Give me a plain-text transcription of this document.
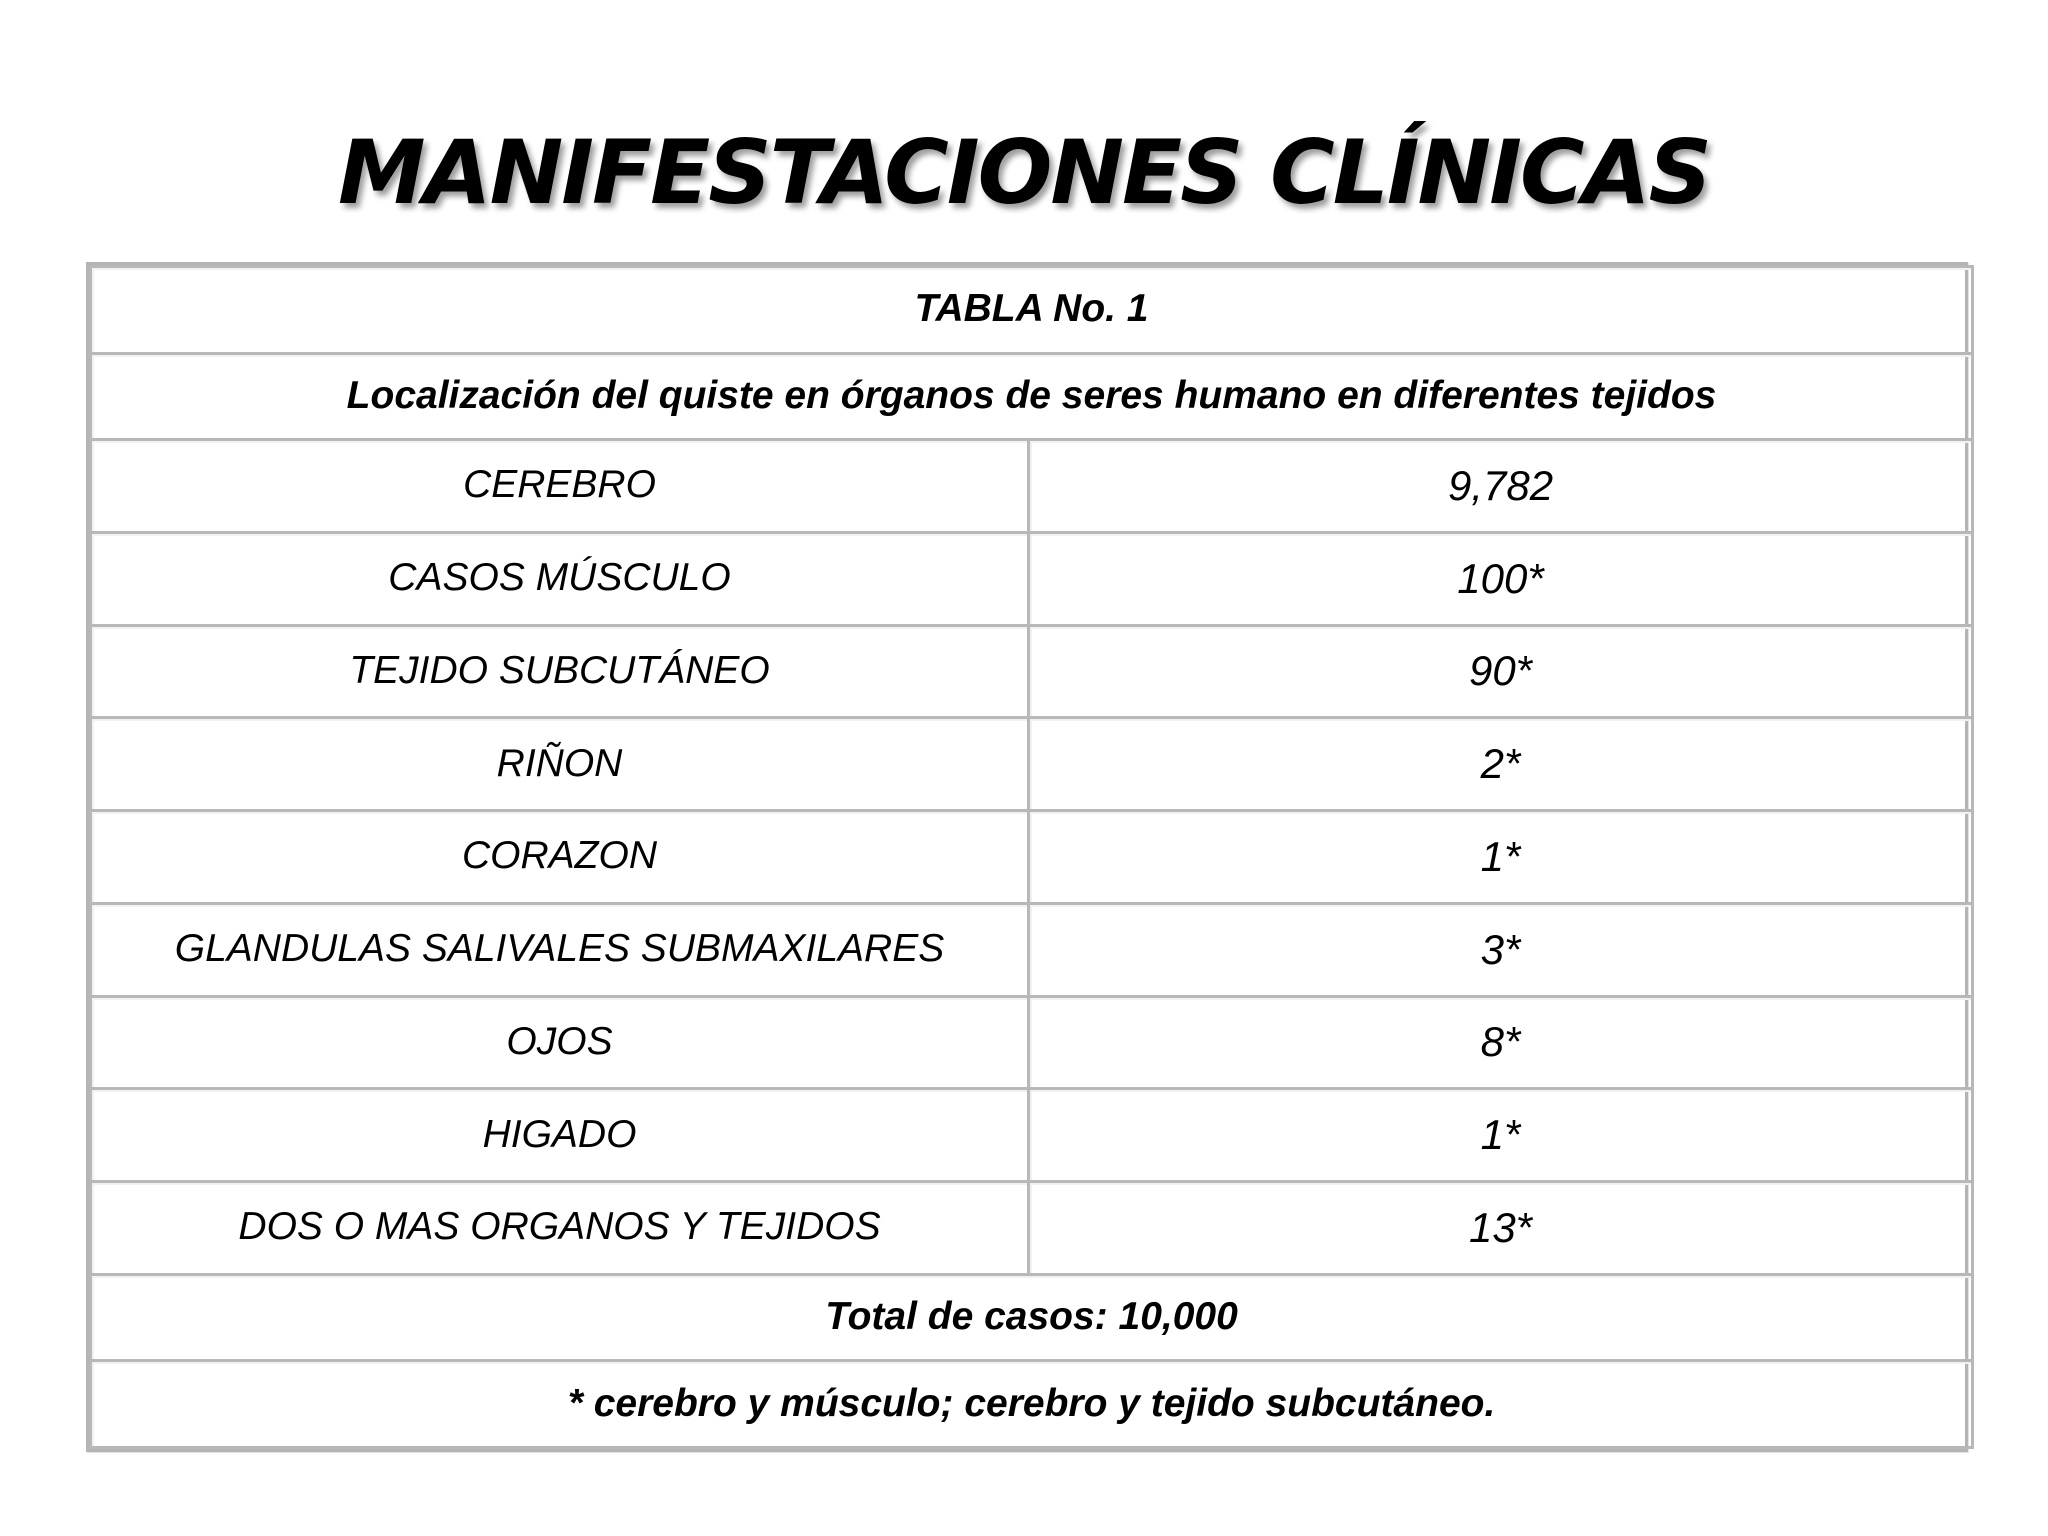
MANIFESTACIONES CLÍNICAS
TABLA No. 1	
Localización del quiste en órganos de seres humano en diferentes tejidos	
CEREBRO	9,782
CASOS MÚSCULO	100*
TEJIDO SUBCUTÁNEO	90*
RIÑON	2*
CORAZON	1*
GLANDULAS SALIVALES SUBMAXILARES	3*
OJOS	8*
HIGADO	1*
DOS O MAS ORGANOS Y TEJIDOS	13*
Total de casos: 10,000	
* cerebro y músculo; cerebro y tejido subcutáneo.	
